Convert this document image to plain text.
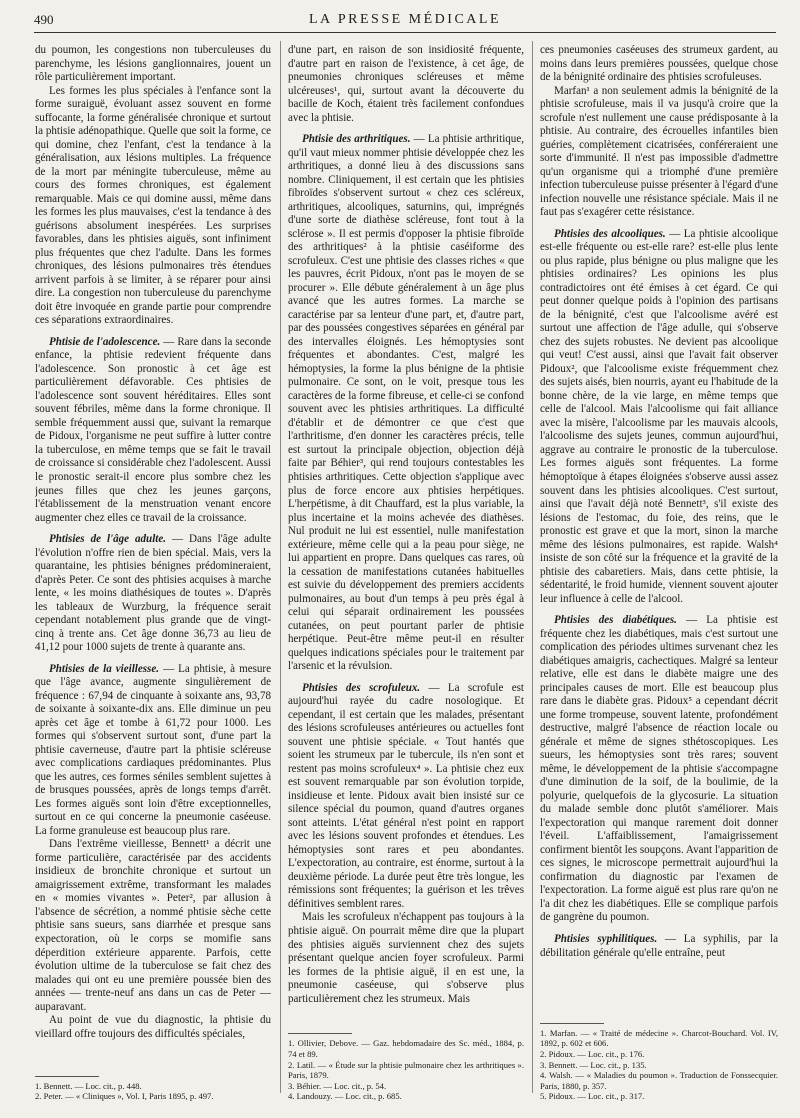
490	LA PRESSE MÉDICALE

du poumon, les congestions non tuberculeuses du parenchyme, les lésions ganglionnaires, jouent un rôle particulièrement important.

Les formes les plus spéciales à l'enfance sont la forme suraiguë, évoluant assez souvent en forme suffocante, la forme généralisée chronique et surtout la phtisie adénopathique. Quelle que soit la forme, ce qui domine, chez l'enfant, c'est la tendance à la généralisation, aux lésions multiples. La fréquence de la mort par méningite tuberculeuse, même au cours des formes chroniques, est également remarquable. Mais ce qui domine aussi, même dans les formes les plus mauvaises, c'est la tendance à des guérisons absolument inespérées. Les surprises favorables, dans les phtisies aiguës, sont infiniment plus fréquentes que chez l'adulte. Dans les formes chroniques, des lésions pulmonaires très étendues arrivent parfois à se limiter, à se réparer pour ainsi dire. La congestion non tuberculeuse du parenchyme doit être invoquée en grande partie pour comprendre ces séparations extraordinaires.

Phtisie de l'adolescence. — Rare dans la seconde enfance, la phtisie redevient fréquente dans l'adolescence. Son pronostic à cet âge est particulièrement défavorable. Ces phtisies de l'adolescence sont souvent héréditaires. Elles sont souvent fébriles, même dans la forme chronique. Il semble fréquemment aussi que, suivant la remarque de Pidoux, l'organisme ne peut suffire à lutter contre la tuberculose, en même temps que se fait le travail de croissance si considérable chez l'adolescent. Aussi le pronostic serait-il encore plus sombre chez les jeunes filles que chez les jeunes garçons, l'établissement de la menstruation venant encore augmenter chez elles ce travail de la croissance.

Phtisies de l'âge adulte. — Dans l'âge adulte l'évolution n'offre rien de bien spécial. Mais, vers la quarantaine, les phtisies bénignes prédomineraient, d'après Peter. Ce sont des phtisies acquises à marche lente, « les moins diathésiques de toutes ». D'après les tableaux de Wurzburg, la fréquence serait cependant notablement plus grande que de vingt-cinq à trente ans. Cet âge donne 36,73 au lieu de 41,12 pour 1000 sujets de trente à quarante ans.

Phtisies de la vieillesse. — La phtisie, à mesure que l'âge avance, augmente singulièrement de fréquence : 67,94 de cinquante à soixante ans, 93,78 de soixante à soixante-dix ans. Elle diminue un peu après cet âge et tombe à 61,72 pour 1000. Les formes qui s'observent surtout sont, d'une part la phtisie caverneuse, d'autre part la phtisie scléreuse avec complications cardiaques prédominantes. Plus que les autres, ces formes séniles semblent sujettes à de brusques poussées, après de longs temps d'arrêt. Les formes aiguës sont loin d'être exceptionnelles, surtout en ce qui concerne la pneumonie caséeuse. La forme granuleuse est beaucoup plus rare.

Dans l'extrême vieillesse, Bennett¹ a décrit une forme particulière, caractérisée par des accidents insidieux de bronchite chronique et surtout un amaigrissement extrême, transformant les malades en « momies vivantes ». Peter², par allusion à l'absence de sécrétion, a nommé phtisie sèche cette phtisie sans sueurs, sans diarrhée et presque sans expectoration, où le corps se momifie sans déperdition extérieure apparente. Parfois, cette évolution ultime de la tuberculose se fait chez des malades qui ont eu une première poussée bien des années — trente-neuf ans dans un cas de Peter — auparavant.

Au point de vue du diagnostic, la phtisie du vieillard offre toujours des difficultés spéciales,

1. Bennett. — Loc. cit., p. 448.

2. Peter. — « Cliniques », Vol. I, Paris 1895, p. 497.

d'une part, en raison de son insidiosité fréquente, d'autre part en raison de l'existence, à cet âge, de pneumonies chroniques scléreuses et même ulcéreuses¹, qui, surtout avant la découverte du bacille de Koch, étaient très facilement confondues avec la phtisie.

Phtisie des arthritiques. — La phtisie arthritique, qu'il vaut mieux nommer phtisie développée chez les arthritiques, a donné lieu à des discussions sans nombre. Cliniquement, il est certain que les phtisies fibroïdes s'observent surtout « chez ces scléreux, arthritiques, alcooliques, saturnins, qui, imprégnés d'une sorte de diathèse scléreuse, font tout à la sclérose ». Il est permis d'opposer la phtisie fibroïde des arthritiques² à la phtisie caséiforme des scrofuleux. C'est une phtisie des classes riches « que les pauvres, écrit Pidoux, n'ont pas le moyen de se procurer ». Elle débute généralement à un âge plus avancé que les autres formes. La marche se caractérise par sa lenteur d'une part, et, d'autre part, par des poussées congestives séparées en général par des intervalles éloignés. Les hémoptysies sont fréquentes et abondantes. C'est, malgré les hémoptysies, la forme la plus bénigne de la phtisie pulmonaire. Ce sont, on le voit, presque tous les caractères de la forme fibreuse, et celle-ci se confond souvent avec les phtisies arthritiques. La difficulté d'établir et de démontrer ce que c'est que l'arthritisme, d'en donner les caractères précis, telle est surtout la principale objection, objection déjà faite par Béhier³, qui rend toujours contestables les phtisies arthritiques. Cette objection s'applique avec plus de force encore aux phtisies herpétiques. L'herpétisme, à dit Chauffard, est la plus variable, la plus incertaine et la moins achevée des diathèses. Nul produit ne lui est essentiel, nulle manifestation extérieure, même celle qui a la peau pour siège, ne lui appartient en propre. Dans quelques cas rares, où la cessation de manifestations cutanées habituelles est suivie du développement des premiers accidents pulmonaires, au bout d'un temps à peu près égal à celui qui séparait ordinairement les poussées cutanées, on peut pourtant parler de phtisie herpétique. Peut-être même peut-il en résulter quelques indications spéciales pour le traitement par l'arsenic et la révulsion.

Phtisies des scrofuleux. — La scrofule est aujourd'hui rayée du cadre nosologique. Et cependant, il est certain que les malades, présentant des lésions scrofuleuses antérieures ou actuelles font souvent une phtisie spéciale. « Tout hantés que soient les strumeux par le tubercule, ils n'en sont et restent pas moins scrofuleux⁴ ». La phtisie chez eux est souvent remarquable par son évolution torpide, insidieuse et lente. Pidoux avait bien insisté sur ce silence spécial du poumon, quand d'autres organes sont atteints. L'état général n'est point en rapport avec les lésions souvent profondes et étendues. Les hémoptysies sont rares et peu abondantes. L'expectoration, au contraire, est énorme, surtout à la deuxième période. La durée peut être très longue, les rémissions sont fréquentes; la guérison et les trêves définitives semblent rares.

Mais les scrofuleux n'échappent pas toujours à la phtisie aiguë. On pourrait même dire que la plupart des phtisies aiguës surviennent chez des sujets présentant quelque ancien foyer scrofuleux. Parmi les formes de la phtisie aiguë, il en est une, la pneumonie caséeuse, qui s'observe plus particulièrement chez les strumeux. Mais

1. Ollivier, Debove. — Gaz. hebdomadaire des Sc. méd., 1884, p. 74 et 89.

2. Latil. — « Étude sur la phtisie pulmonaire chez les arthritiques ». Paris, 1879.

3. Béhier. — Loc. cit., p. 54.

4. Landouzy. — Loc. cit., p. 685.

ces pneumonies caséeuses des strumeux gardent, au moins dans leurs premières poussées, quelque chose de la bénignité ordinaire des phtisies scrofuleuses.

Marfan¹ a non seulement admis la bénignité de la phtisie scrofuleuse, mais il va jusqu'à croire que la scrofule n'est nullement une cause prédisposante à la phtisie. Au contraire, des écrouelles infantiles bien guéries, complètement cicatrisées, conféreraient une sorte d'immunité. Il n'est pas impossible d'admettre qu'un organisme qui a triomphé d'une première infection tuberculeuse puisse présenter à l'égard d'une infection nouvelle une résistance spéciale. Mais il ne faut pas s'exagérer cette résistance.

Phtisies des alcooliques. — La phtisie alcoolique est-elle fréquente ou est-elle rare? est-elle plus lente ou plus rapide, plus bénigne ou plus maligne que les phtisies ordinaires? Les opinions les plus contradictoires ont été émises à cet égard. Ce qui peut donner quelque poids à l'opinion des partisans de la bénignité, c'est que l'alcoolisme avéré est surtout une affection de l'âge adulle, qui s'observe chez des sujets robustes. Ne devient pas alcoolique qui veut! C'est aussi, ainsi que l'avait fait observer Pidoux², que l'alcoolisme existe fréquemment chez des sujets aisés, bien nourris, ayant eu l'habitude de la bonne chère, de la vie large, en même temps que celle de l'alcool. Mais l'alcoolisme qui fait alliance avec la misère, l'alcoolisme par les mauvais alcools, l'alcoolisme des sujets jeunes, commun aujourd'hui, aggrave au contraire le pronostic de la tuberculose. Les formes aiguës sont fréquentes. La forme hémoptoïque à étapes éloignées s'observe aussi assez souvent dans les phtisies alcooliques. C'est surtout, ainsi que l'avait déjà noté Bennett³, s'il existe des lésions de l'estomac, du foie, des reins, que le pronostic est grave et que la mort, sinon la marche même des lésions pulmonaires, est rapide. Walsh⁴ insiste de son côté sur la fréquence et la gravité de la phtisie des cabaretiers. Mais, dans cette phtisie, la sédentarité, le froid humide, viennent souvent ajouter leur influence à celle de l'alcool.

Phtisies des diabétiques. — La phtisie est fréquente chez les diabétiques, mais c'est surtout une complication des périodes ultimes survenant chez les diabétiques amaigris, cachectiques. Malgré sa lenteur relative, elle est dans le diabète maigre une des principales causes de mort. Elle est beaucoup plus rare dans le diabète gras. Pidoux⁵ a cependant décrit une forme trompeuse, souvent latente, profondément destructive, malgré l'absence de réaction locale ou générale et même de signes sthétoscopiques. Les sueurs, les hémoptysies sont très rares; souvent même, le développement de la phtisie s'accompagne d'une diminution de la soif, de la boulimie, de la polyurie, quelquefois de la glycosurie. La situation du malade semble donc plutôt s'améliorer. Mais l'expectoration qui manque rarement doit donner l'éveil. L'affaiblissement, l'amaigrissement confirment bientôt les soupçons. Avant l'apparition de ces signes, le microscope permettrait aujourd'hui la confirmation du diagnostic par l'examen de l'expectoration. La forme aiguë est plus rare qu'on ne l'a dit chez les diabétiques. Elle se complique parfois de gangrène du poumon.

Phtisies syphilitiques. — La syphilis, par la débilitation générale qu'elle entraîne, peut

1. Marfan. — « Traité de médecine ». Charcot-Bouchard. Vol. IV, 1892, p. 602 et 606.

2. Pidoux. — Loc. cit., p. 176.

3. Bennett. — Loc. cit., p. 135.

4. Walsh. — « Maladies du poumon ». Traduction de Fonssecquier. Paris, 1880, p. 357.

5. Pidoux. — Loc. cit., p. 317.
